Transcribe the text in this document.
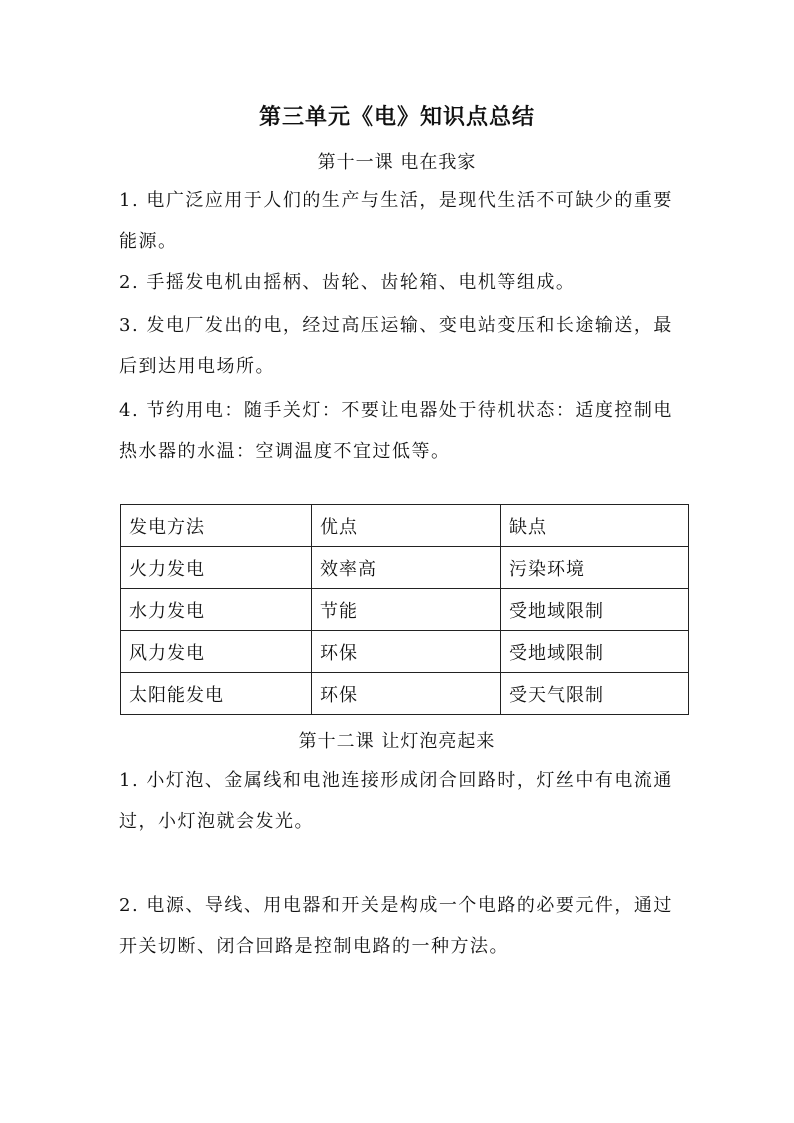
第三单元《电》知识点总结
第十一课 电在我家

1. 电广泛应用于人们的生产与生活，是现代生活不可缺少的重要能源。

2. 手摇发电机由摇柄、齿轮、齿轮箱、电机等组成。

3. 发电厂发出的电，经过高压运输、变电站变压和长途输送，最后到达用电场所。

4. 节约用电：随手关灯：不要让电器处于待机状态：适度控制电热水器的水温：空调温度不宜过低等。

发电方法	优点	缺点
火力发电	效率高	污染环境
水力发电	节能	受地域限制
风力发电	环保	受地域限制
太阳能发电	环保	受天气限制
第十二课 让灯泡亮起来

1. 小灯泡、金属线和电池连接形成闭合回路时，灯丝中有电流通

过，小灯泡就会发光。

2. 电源、导线、用电器和开关是构成一个电路的必要元件，通过开关切断、闭合回路是控制电路的一种方法。
